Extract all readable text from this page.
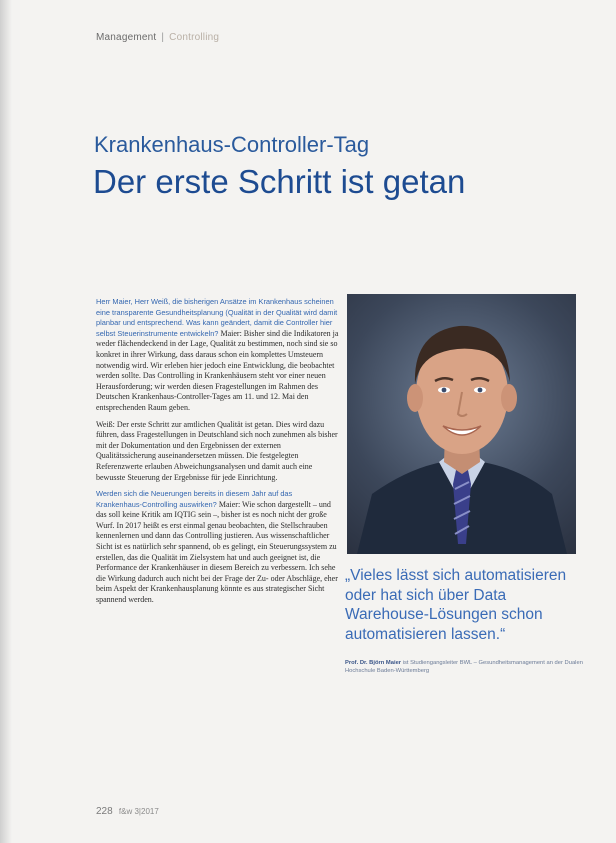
Management | Controlling
Krankenhaus-Controller-Tag
Der erste Schritt ist getan

Herr Maier, Herr Weiß, die bisherigen Ansätze im Krankenhaus scheinen eine transparente Gesundheitsplanung (Qualität in der Qualität wird damit planbar und entsprechend. Was kann geändert, damit die Controller hier selbst Steuerinstrumente entwickeln? Maier: Bisher sind die Indikatoren ja weder flächendeckend in der Lage, Qualität zu bestimmen, noch sind sie so konkret in ihrer Wirkung, dass daraus schon ein komplettes Umsteuern notwendig wird. Wir erleben hier jedoch eine Entwicklung, die beobachtet werden sollte. Das Controlling in Krankenhäusern steht vor einer neuen Herausforderung; wir werden diesen Fragestellungen im Rahmen des Deutschen Krankenhaus-Controller-Tages am 11. und 12. Mai den entsprechenden Raum geben.

Weiß: Der erste Schritt zur amtlichen Qualität ist getan. Dies wird dazu führen, dass Fragestellungen in Deutschland sich noch zunehmen als bisher mit der Dokumentation und den Ergebnissen der externen Qualitätssicherung auseinandersetzen müssen. Die festgelegten Referenzwerte erlauben Abweichungsanalysen und damit auch eine bewusste Steuerung der Ergebnisse für jede Einrichtung.

Werden sich die Neuerungen bereits in diesem Jahr auf das Krankenhaus-Controlling auswirken? Maier: Wie schon dargestellt – und das soll keine Kritik am IQTIG sein –, bisher ist es noch nicht der große Wurf. In 2017 heißt es erst einmal genau beobachten, die Stellschrauben kennenlernen und dann das Controlling justieren. Aus wissenschaftlicher Sicht ist es natürlich sehr spannend, ob es gelingt, ein Steuerungssystem zu erstellen, das die Qualität im Zielsystem hat und auch geeignet ist, die Performance der Krankenhäuser in diesem Bereich zu verbessern. Ich sehe die Wirkung dadurch auch nicht bei der Frage der Zu- oder Abschläge, eher beim Aspekt der Krankenhausplanung könnte es aus strategischer Sicht spannend werden.

„Vieles lässt sich automatisieren oder hat sich über Data Warehouse-Lösungen schon automatisieren lassen.“
Prof. Dr. Björn Maier ist Studiengangsleiter BWL – Gesundheitsmanagement an der Dualen Hochschule Baden-Württemberg
228 f&w 3|2017
